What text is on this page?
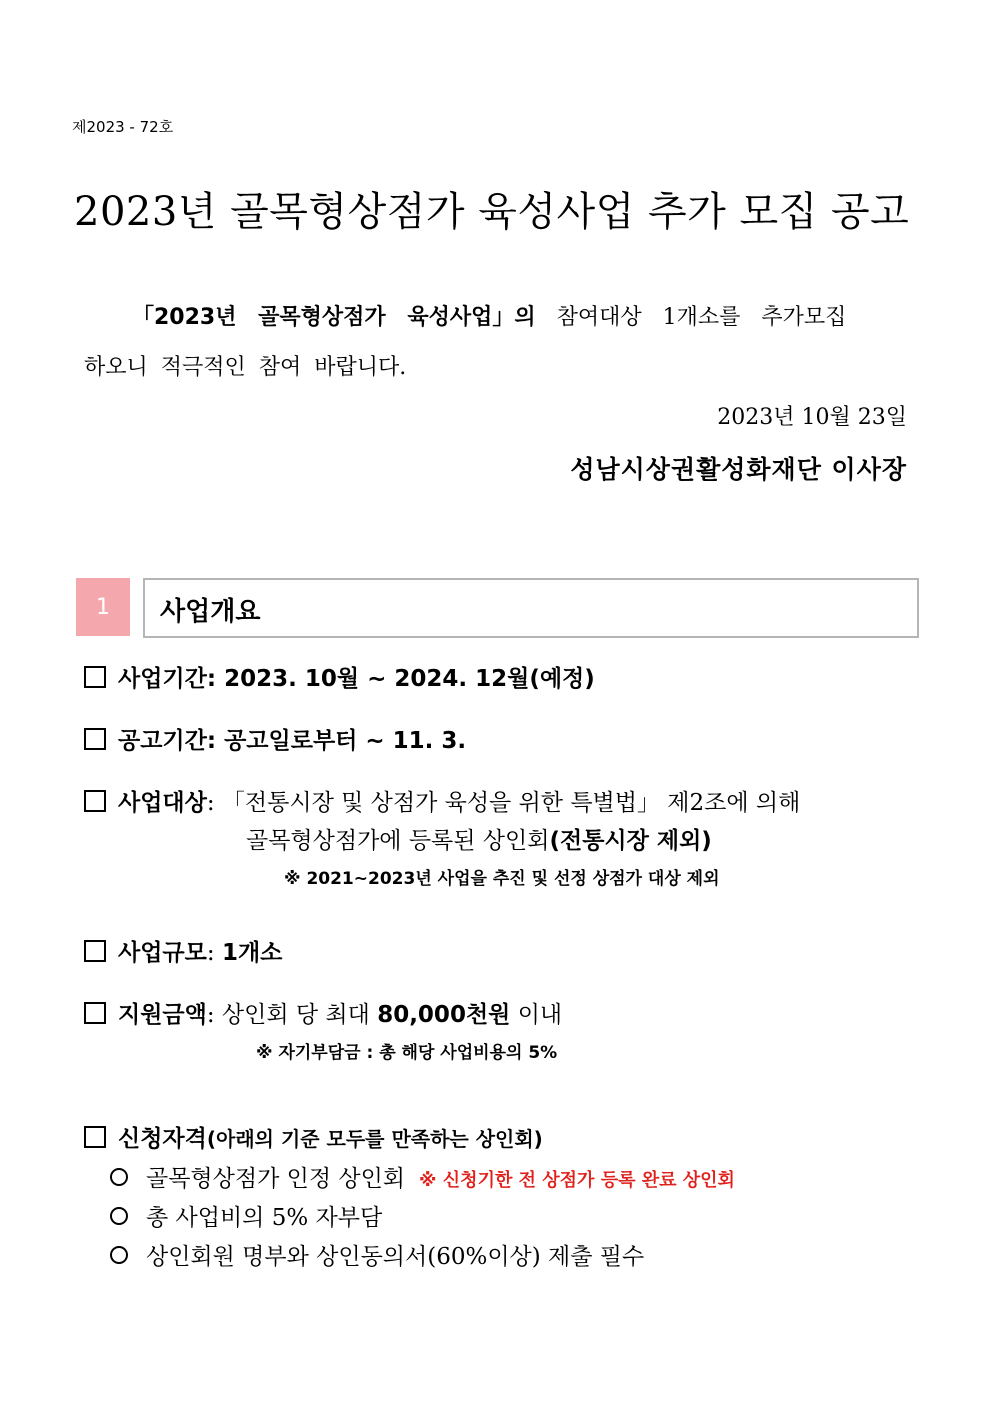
제2023 - 72호
2023년 골목형상점가 육성사업 추가 모집 공고
「2023년 골목형상점가 육성사업」의 참여대상 1개소를 추가모집
하오니 적극적인 참여 바랍니다.
2023년 10월 23일
성남시상권활성화재단 이사장
1	사업개요
사업기간: 2023. 10월 ~ 2024. 12월(예정)
공고기간: 공고일로부터 ~ 11. 3.
사업대상: 「전통시장 및 상점가 육성을 위한 특별법」 제2조에 의해
골목형상점가에 등록된 상인회(전통시장 제외)
※ 2021~2023년 사업을 추진 및 선정 상점가 대상 제외
사업규모: 1개소
지원금액: 상인회 당 최대 80,000천원 이내
※ 자기부담금 : 총 해당 사업비용의 5%
신청자격(아래의 기준 모두를 만족하는 상인회)
골목형상점가 인정 상인회 ※ 신청기한 전 상점가 등록 완료 상인회
총 사업비의 5% 자부담
상인회원 명부와 상인동의서(60%이상) 제출 필수
